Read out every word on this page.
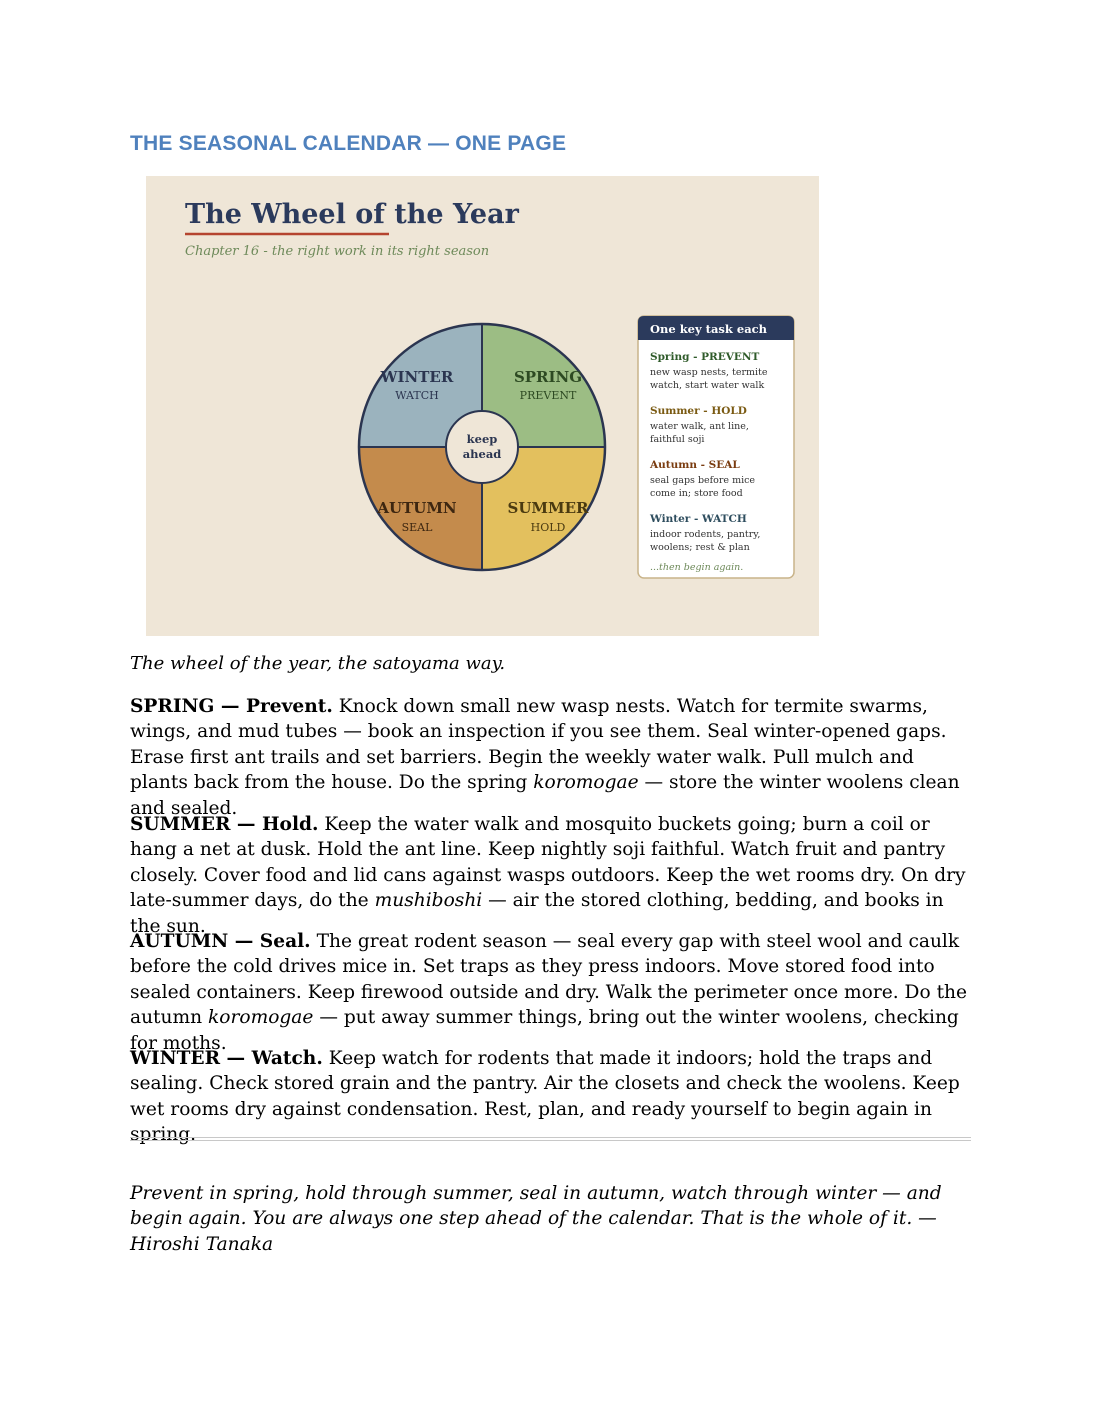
THE SEASONAL CALENDAR — ONE PAGE
The Wheel of the Year
Chapter 16 - the right work in its right season
keep
ahead
WINTER
WATCH
SPRING
PREVENT
AUTUMN
SEAL
SUMMER
HOLD
One key task each
Spring - PREVENT
new wasp nests, termite
watch, start water walk
Summer - HOLD
water walk, ant line,
faithful soji
Autumn - SEAL
seal gaps before mice
come in; store food
Winter - WATCH
indoor rodents, pantry,
woolens; rest & plan
...then begin again.

The wheel of the year, the satoyama way.

SPRING — Prevent. Knock down small new wasp nests. Watch for termite swarms, wings, and mud tubes — book an inspection if you see them. Seal winter-opened gaps. Erase first ant trails and set barriers. Begin the weekly water walk. Pull mulch and plants back from the house. Do the spring koromogae — store the winter woolens clean and sealed.

SUMMER — Hold. Keep the water walk and mosquito buckets going; burn a coil or hang a net at dusk. Hold the ant line. Keep nightly soji faithful. Watch fruit and pantry closely. Cover food and lid cans against wasps outdoors. Keep the wet rooms dry. On dry late-summer days, do the mushiboshi — air the stored clothing, bedding, and books in the sun.

AUTUMN — Seal. The great rodent season — seal every gap with steel wool and caulk before the cold drives mice in. Set traps as they press indoors. Move stored food into sealed containers. Keep firewood outside and dry. Walk the perimeter once more. Do the autumn koromogae — put away summer things, bring out the winter woolens, checking for moths.

WINTER — Watch. Keep watch for rodents that made it indoors; hold the traps and sealing. Check stored grain and the pantry. Air the closets and check the woolens. Keep wet rooms dry against condensation. Rest, plan, and ready yourself to begin again in spring.

Prevent in spring, hold through summer, seal in autumn, watch through winter — and begin again. You are always one step ahead of the calendar. That is the whole of it. — Hiroshi Tanaka
